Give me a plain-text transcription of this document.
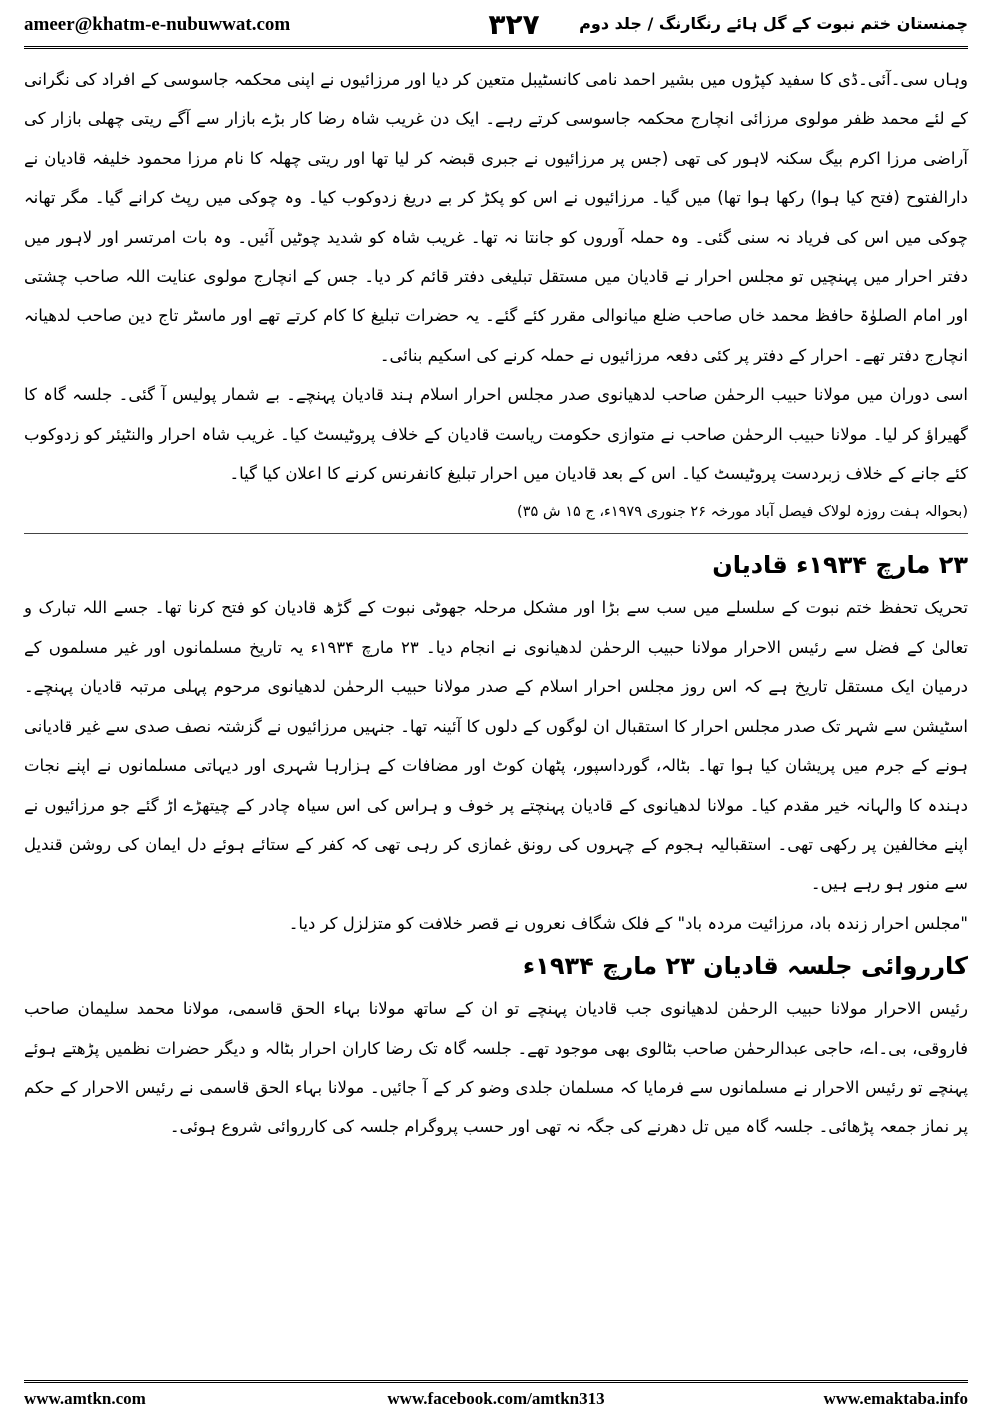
ameer@khatm-e-nubuwwat.com	۳۲۷	چمنستان ختم نبوت کے گل ہائے رنگارنگ / جلد دوم

وہاں سی۔آئی۔ڈی کا سفید کپڑوں میں بشیر احمد نامی کانسٹیبل متعین کر دیا اور مرزائیوں نے اپنی محکمہ جاسوسی کے افراد کی نگرانی کے لئے محمد ظفر مولوی مرزائی انچارج محکمہ جاسوسی کرتے رہے۔ ایک دن غریب شاہ رضا کار بڑے بازار سے آگے ریتی چھلی بازار کی آراضی مرزا اکرم بیگ سکنہ لاہور کی تھی (جس پر مرزائیوں نے جبری قبضہ کر لیا تھا اور ریتی چھلہ کا نام مرزا محمود خلیفہ قادیان نے دارالفتوح (فتح کیا ہوا) رکھا ہوا تھا) میں گیا۔ مرزائیوں نے اس کو پکڑ کر بے دریغ زدوکوب کیا۔ وہ چوکی میں رپٹ کرانے گیا۔ مگر تھانہ چوکی میں اس کی فریاد نہ سنی گئی۔ وہ حملہ آوروں کو جانتا نہ تھا۔ غریب شاہ کو شدید چوٹیں آئیں۔ وہ بات امرتسر اور لاہور میں دفتر احرار میں پہنچیں تو مجلس احرار نے قادیان میں مستقل تبلیغی دفتر قائم کر دیا۔ جس کے انچارج مولوی عنایت اللہ صاحب چشتی اور امام الصلوٰۃ حافظ محمد خاں صاحب ضلع میانوالی مقرر کئے گئے۔ یہ حضرات تبلیغ کا کام کرتے تھے اور ماسٹر تاج دین صاحب لدھیانہ انچارج دفتر تھے۔ احرار کے دفتر پر کئی دفعہ مرزائیوں نے حملہ کرنے کی اسکیم بنائی۔

اسی دوران میں مولانا حبیب الرحمٰن صاحب لدھیانوی صدر مجلس احرار اسلام ہند قادیان پہنچے۔ بے شمار پولیس آ گئی۔ جلسہ گاہ کا گھیراؤ کر لیا۔ مولانا حبیب الرحمٰن صاحب نے متوازی حکومت ریاست قادیان کے خلاف پروٹیسٹ کیا۔ غریب شاہ احرار والنٹیئر کو زدوکوب کئے جانے کے خلاف زبردست پروٹیسٹ کیا۔ اس کے بعد قادیان میں احرار تبلیغ کانفرنس کرنے کا اعلان کیا گیا۔

(بحوالہ ہفت روزہ لولاک فیصل آباد مورخہ ۲۶ جنوری ۱۹۷۹ء، ج ۱۵ ش ۳۵)
۲۳ مارچ ۱۹۳۴ء قادیان

تحریک تحفظ ختم نبوت کے سلسلے میں سب سے بڑا اور مشکل مرحلہ جھوٹی نبوت کے گڑھ قادیان کو فتح کرنا تھا۔ جسے اللہ تبارک و تعالیٰ کے فضل سے رئیس الاحرار مولانا حبیب الرحمٰن لدھیانوی نے انجام دیا۔ ۲۳ مارچ ۱۹۳۴ء یہ تاریخ مسلمانوں اور غیر مسلموں کے درمیان ایک مستقل تاریخ ہے کہ اس روز مجلس احرار اسلام کے صدر مولانا حبیب الرحمٰن لدھیانوی مرحوم پہلی مرتبہ قادیان پہنچے۔ اسٹیشن سے شہر تک صدر مجلس احرار کا استقبال ان لوگوں کے دلوں کا آئینہ تھا۔ جنہیں مرزائیوں نے گزشتہ نصف صدی سے غیر قادیانی ہونے کے جرم میں پریشان کیا ہوا تھا۔ بٹالہ، گورداسپور، پٹھان کوٹ اور مضافات کے ہزارہا شہری اور دیہاتی مسلمانوں نے اپنے نجات دہندہ کا والہانہ خیر مقدم کیا۔ مولانا لدھیانوی کے قادیان پہنچتے پر خوف و ہراس کی اس سیاہ چادر کے چیتھڑے اڑ گئے جو مرزائیوں نے اپنے مخالفین پر رکھی تھی۔ استقبالیہ ہجوم کے چہروں کی رونق غمازی کر رہی تھی کہ کفر کے ستائے ہوئے دل ایمان کی روشن قندیل سے منور ہو رہے ہیں۔

"مجلس احرار زندہ باد، مرزائیت مردہ باد" کے فلک شگاف نعروں نے قصر خلافت کو متزلزل کر دیا۔

کارروائی جلسہ قادیان ۲۳ مارچ ۱۹۳۴ء

رئیس الاحرار مولانا حبیب الرحمٰن لدھیانوی جب قادیان پہنچے تو ان کے ساتھ مولانا بہاء الحق قاسمی، مولانا محمد سلیمان صاحب فاروقی، بی۔اے، حاجی عبدالرحمٰن صاحب بٹالوی بھی موجود تھے۔ جلسہ گاہ تک رضا کاران احرار بٹالہ و دیگر حضرات نظمیں پڑھتے ہوئے پہنچے تو رئیس الاحرار نے مسلمانوں سے فرمایا کہ مسلمان جلدی وضو کر کے آ جائیں۔ مولانا بہاء الحق قاسمی نے رئیس الاحرار کے حکم پر نماز جمعہ پڑھائی۔ جلسہ گاہ میں تل دھرنے کی جگہ نہ تھی اور حسب پروگرام جلسہ کی کارروائی شروع ہوئی۔

www.amtkn.com	www.facebook.com/amtkn313	www.emaktaba.info
